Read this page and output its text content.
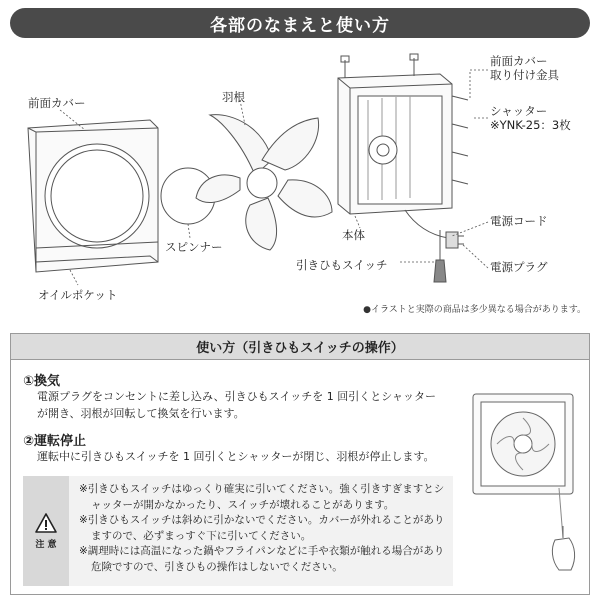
各部のなまえと使い方
前面カバー
オイルポケット
スピンナー
羽根
本体
引きひもスイッチ
前面カバー
取り付け金具
シャッター
※YNK-25：3枚
電源コード
電源プラグ
●イラストと実際の商品は多少異なる場合があります。
使い方（引きひもスイッチの操作）
①換気
電源プラグをコンセントに差し込み、引きひもスイッチを 1 回引くとシャッター
が開き、羽根が回転して換気を行います。
②運転停止
運転中に引きひもスイッチを 1 回引くとシャッターが閉じ、羽根が停止します。
注 意

※引きひもスイッチはゆっくり確実に引いてください。強く引きすぎますとシャッターが開かなかったり、スイッチが壊れることがあります。

※引きひもスイッチは斜めに引かないでください。カバーが外れることがありますので、必ずまっすぐ下に引いてください。

※調理時には高温になった鍋やフライパンなどに手や衣類が触れる場合があり危険ですので、引きひもの操作はしないでください。
